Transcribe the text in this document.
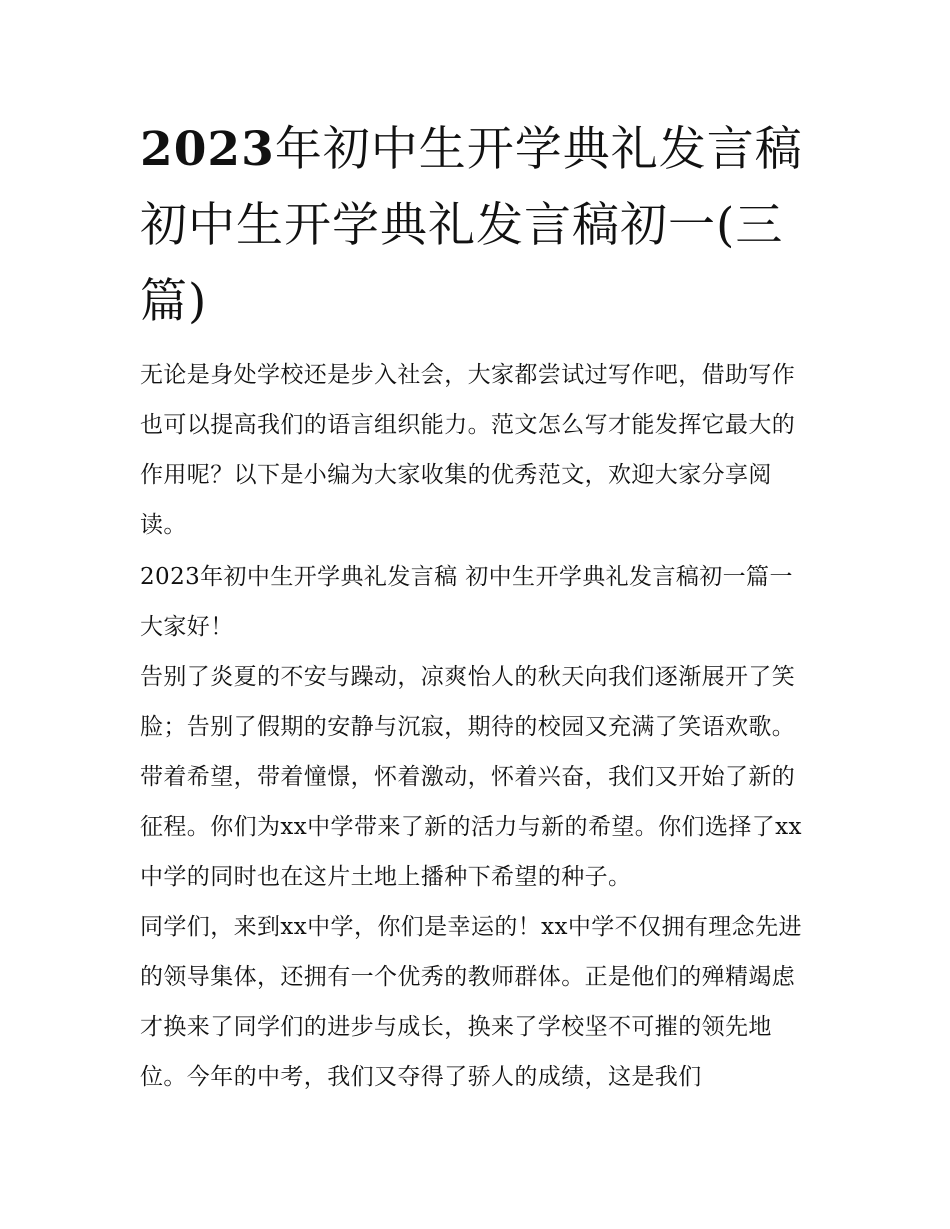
2023年初中生开学典礼发言稿初中生开学典礼发言稿初一(三篇)

无论是身处学校还是步入社会，大家都尝试过写作吧，借助写作也可以提高我们的语言组织能力。范文怎么写才能发挥它最大的作用呢？以下是小编为大家收集的优秀范文，欢迎大家分享阅读。

2023年初中生开学典礼发言稿 初中生开学典礼发言稿初一篇一 大家好！

告别了炎夏的不安与躁动，凉爽怡人的秋天向我们逐渐展开了笑脸；告别了假期的安静与沉寂，期待的校园又充满了笑语欢歌。带着希望，带着憧憬，怀着激动，怀着兴奋，我们又开始了新的征程。你们为xx中学带来了新的活力与新的希望。你们选择了xx中学的同时也在这片土地上播种下希望的种子。

同学们，来到xx中学，你们是幸运的！xx中学不仅拥有理念先进的领导集体，还拥有一个优秀的教师群体。正是他们的殚精竭虑才换来了同学们的进步与成长，换来了学校坚不可摧的领先地位。今年的中考，我们又夺得了骄人的成绩，这是我们
